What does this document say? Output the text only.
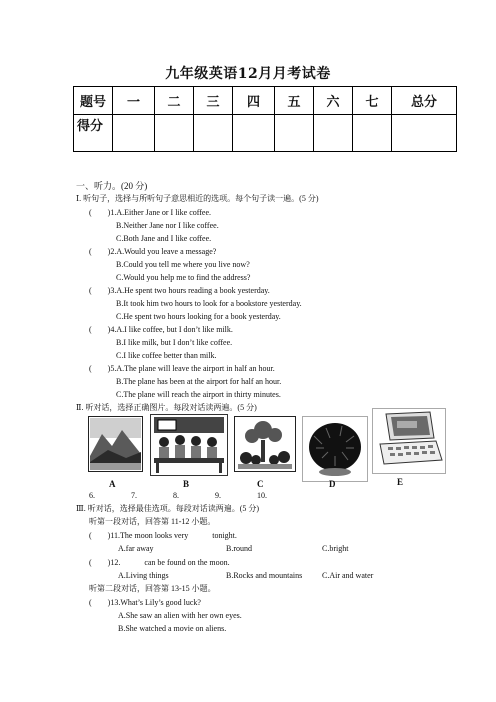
九年级英语12月月考试卷
题号	一	二	三	四	五	六	七	总分
得分								
一、听力。(20 分)
Ⅰ. 听句子，选择与所听句子意思相近的选项。每个句子读一遍。(5 分)
(　　)1.A.Either Jane or I like coffee.
B.Neither Jane nor I like coffee.
C.Both Jane and I like coffee.
(　　)2.A.Would you leave a message?
B.Could you tell me where you live now?
C.Would you help me to find the address?
(　　)3.A.He spent two hours reading a book yesterday.
B.It took him two hours to look for a bookstore yesterday.
C.He spent two hours looking for a book yesterday.
(　　)4.A.I like coffee, but I don’t like milk.
B.I like milk, but I don’t like coffee.
C.I like coffee better than milk.
(　　)5.A.The plane will leave the airport in half an hour.
B.The plane has been at the airport for half an hour.
C.The plane will reach the airport in thirty minutes.
Ⅱ. 听对话，选择正确图片。每段对话读两遍。(5 分)
A	B	C	D	E
6.	7.	8.	9.	10.
Ⅲ. 听对话，选择最佳选项。每段对话读两遍。(5 分)
听第一段对话，回答第 11-12 小题。
(　　)11.The moon looks very　　　tonight.
A.far away	B.round	C.bright
(　　)12.　　　can be found on the moon.
A.Living things	B.Rocks and mountains C.Air and water
听第二段对话，回答第 13-15 小题。
(　　)13.What’s Lily’s good luck?
A.She saw an alien with her own eyes.
B.She watched a movie on aliens.
